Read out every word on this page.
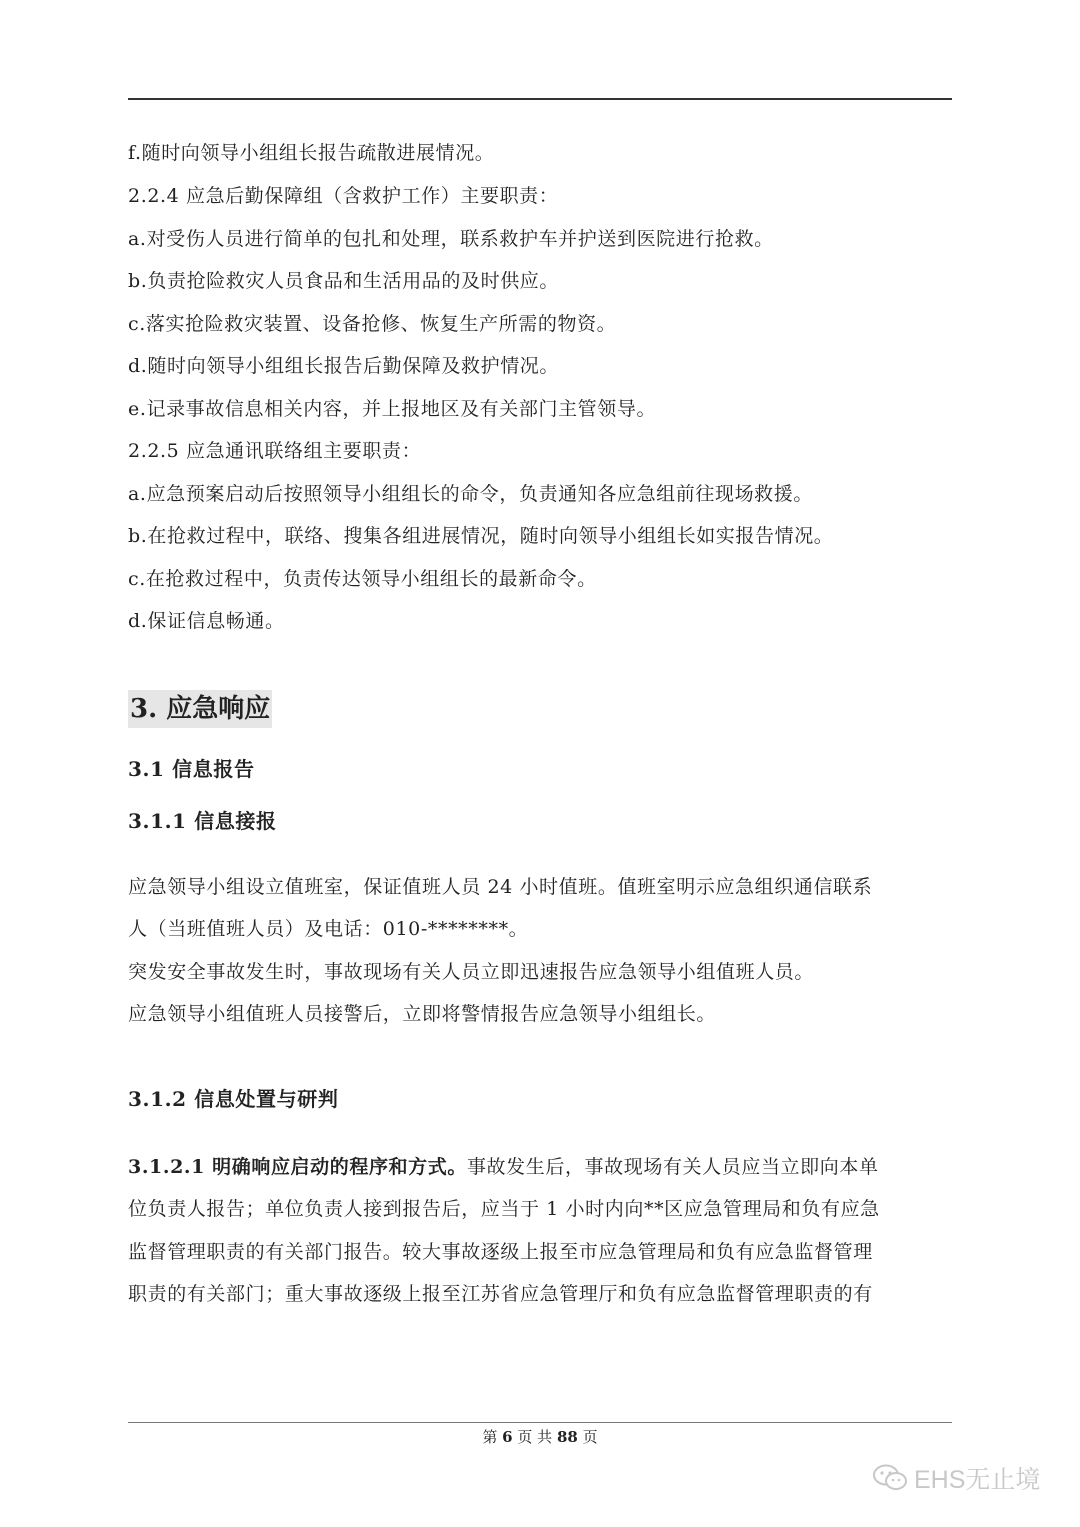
f.随时向领导小组组长报告疏散进展情况。
2.2.4 应急后勤保障组（含救护工作）主要职责：
a.对受伤人员进行简单的包扎和处理，联系救护车并护送到医院进行抢救。
b.负责抢险救灾人员食品和生活用品的及时供应。
c.落实抢险救灾装置、设备抢修、恢复生产所需的物资。
d.随时向领导小组组长报告后勤保障及救护情况。
e.记录事故信息相关内容，并上报地区及有关部门主管领导。
2.2.5 应急通讯联络组主要职责：
a.应急预案启动后按照领导小组组长的命令，负责通知各应急组前往现场救援。
b.在抢救过程中，联络、搜集各组进展情况，随时向领导小组组长如实报告情况。
c.在抢救过程中，负责传达领导小组组长的最新命令。
d.保证信息畅通。
3. 应急响应
3.1 信息报告
3.1.1 信息接报
应急领导小组设立值班室，保证值班人员 24 小时值班。值班室明示应急组织通信联系
人（当班值班人员）及电话：010-********。
突发安全事故发生时，事故现场有关人员立即迅速报告应急领导小组值班人员。
应急领导小组值班人员接警后，立即将警情报告应急领导小组组长。
3.1.2 信息处置与研判
3.1.2.1 明确响应启动的程序和方式。事故发生后，事故现场有关人员应当立即向本单
位负责人报告；单位负责人接到报告后，应当于 1 小时内向**区应急管理局和负有应急
监督管理职责的有关部门报告。较大事故逐级上报至市应急管理局和负有应急监督管理
职责的有关部门；重大事故逐级上报至江苏省应急管理厅和负有应急监督管理职责的有
第 6 页 共 88 页
EHS无止境
